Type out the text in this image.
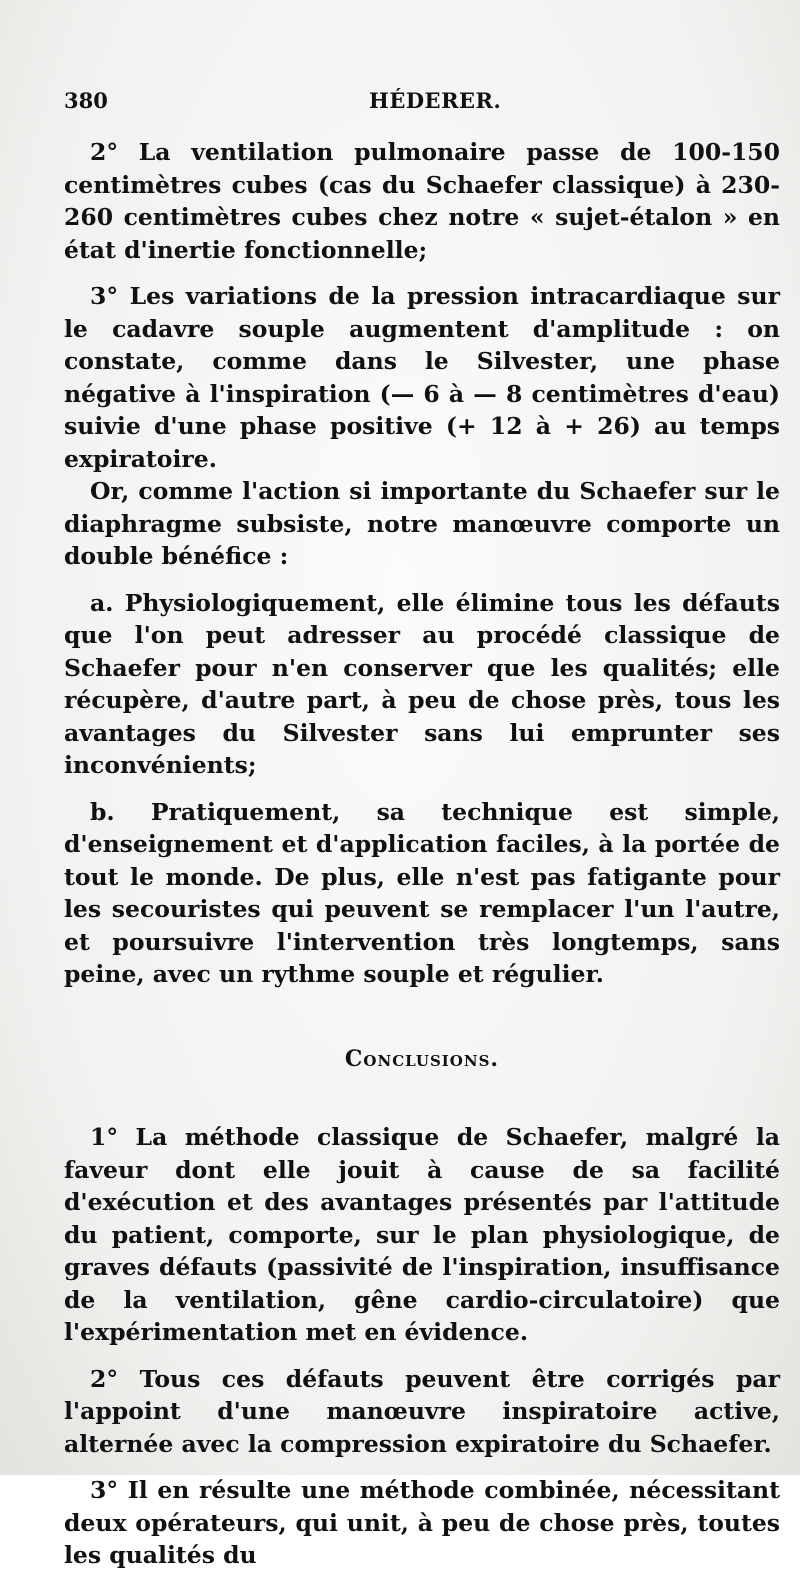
380	HÉDERER.

2° La ventilation pulmonaire passe de 100-150 centimètres cubes (cas du Schaefer classique) à 230-260 centimètres cubes chez notre « sujet-étalon » en état d'inertie fonctionnelle;

3° Les variations de la pression intracardiaque sur le cadavre souple augmentent d'amplitude : on constate, comme dans le Silvester, une phase négative à l'inspiration (— 6 à — 8 centimètres d'eau) suivie d'une phase positive (+ 12 à + 26) au temps expiratoire.

Or, comme l'action si importante du Schaefer sur le diaphragme subsiste, notre manœuvre comporte un double bénéfice :

a. Physiologiquement, elle élimine tous les défauts que l'on peut adresser au procédé classique de Schaefer pour n'en conserver que les qualités; elle récupère, d'autre part, à peu de chose près, tous les avantages du Silvester sans lui emprunter ses inconvénients;

b. Pratiquement, sa technique est simple, d'enseignement et d'application faciles, à la portée de tout le monde. De plus, elle n'est pas fatigante pour les secouristes qui peuvent se remplacer l'un l'autre, et poursuivre l'intervention très longtemps, sans peine, avec un rythme souple et régulier.

Conclusions.

1° La méthode classique de Schaefer, malgré la faveur dont elle jouit à cause de sa facilité d'exécution et des avantages présentés par l'attitude du patient, comporte, sur le plan physiologique, de graves défauts (passivité de l'inspiration, insuffisance de la ventilation, gêne cardio-circulatoire) que l'expérimentation met en évidence.

2° Tous ces défauts peuvent être corrigés par l'appoint d'une manœuvre inspiratoire active, alternée avec la compression expiratoire du Schaefer.

3° Il en résulte une méthode combinée, nécessitant deux opérateurs, qui unit, à peu de chose près, toutes les qualités du
